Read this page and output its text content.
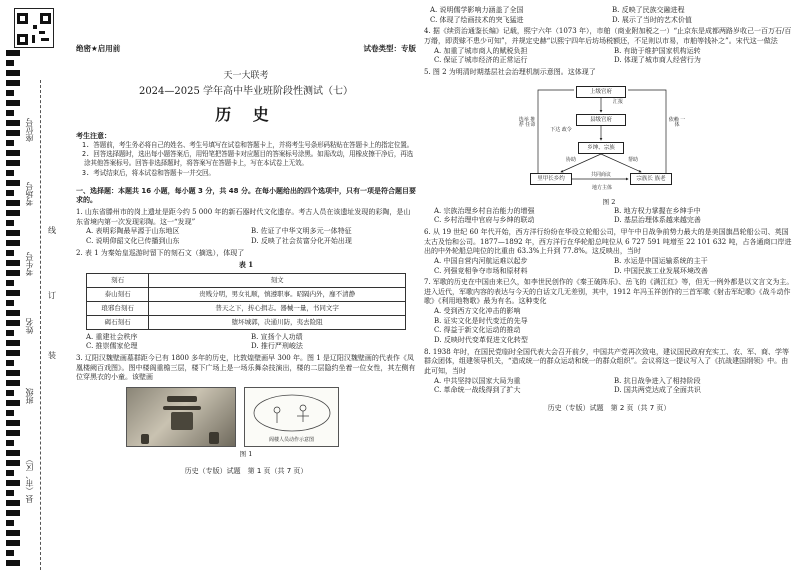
座位号
考场号
考生号
姓名
班级
县（市、区）
线
订
装
绝密★启用前	试卷类型：专版
天一大联考
2024—2025 学年高中毕业班阶段性测试（七）
历 史
考生注意：
1. 答题前，考生务必将自己的姓名、考生号填写在试卷和答题卡上，并将考生号条形码粘贴在答题卡上的指定位置。
2. 回答选择题时，选出每小题答案后，用铅笔把答题卡对应题目的答案标号涂黑。如需改动，用橡皮擦干净后，再选涂其他答案标号。回答非选择题时，将答案写在答题卡上，写在本试卷上无效。
3. 考试结束后，将本试卷和答题卡一并交回。
一、选择题：本题共 16 小题，每小题 3 分，共 48 分。在每小题给出的四个选项中，只有一项是符合题目要求的。
1. 山东省滕州市的岗上遗址是距今约 5 000 年的新石器时代文化遗存。考古人员在该遗址发现的彩陶，是山东省境内第一次发现彩陶。这一“发现”
A. 表明彩陶最早源于山东地区	B. 佐证了中华文明多元一体特征
C. 说明仰韶文化已传播到山东	D. 反映了社会贫富分化开始出现
2. 表 1 为秦始皇巡游时留下的刻石文（摘选），体现了
表 1
刻石	刻文
泰山刻石	贵贱分明，男女礼顺，慎遵职事。昭隔内外，靡不清静
琅邪台刻石	普天之下，抟心揖志。器械一量，书同文字
碣石刻石	堕坏城郭，决通川防，夷去险阻
A. 重建社会秩序	B. 宣扬个人功绩
C. 推崇儒家伦理	D. 推行严刑峻法
3. 辽阳汉魏壁画墓群距今已有 1800 多年的历史，比敦煌壁画早 300 年。图 1 是辽阳汉魏壁画的代表作《凤凰楼阙百戏图》。图中楼阁重檐三层，楼下广场上是一场乐舞杂技演出，楼的二层隐约坐着一位女性，其左侧有位穿黑衣的小童。该壁画
阁楼人员动作示意图
图 1
历史（专版）试题　第 1 页（共 7 页）
A. 说明儒学影响力涵盖了全国	B. 反映了民族交融进程
C. 体现了绘画技术的突飞猛进	D. 展示了当时的艺术价值
4. 据《续资治通鉴长编》记载，熙宁六年（1073 年），市舶（商业附加税之一）“止京东是成都两路岁收己一百万石/百万缗，即责赇不患少可知”，并规定史赫“以熙宁四年后坊场税额还，不足则以市易，市舶等钱补之”。宋代这一做法
A. 加重了城市商人的赋税负担	B. 有助于维护国家机构运转
C. 保证了城市经济的正常运行	D. 体现了城市商人经营行为
5. 图 2 为明清时期基层社会治理机制示意图。这体现了
上级官府
县级官府
乡绅、宗族
里甲长乡约	宗族长 族老
地方主体
共同商议
选举 推荐 任命
依赖 一体
下达 政令
汇报
协助	帮助
图 2
A. 宗族治理乡村自治能力的增强	B. 地方权力掌握在乡绅手中
C. 乡村治理中官府与乡绅的联动	D. 基层治理体系越来越完善
6. 从 19 世纪 60 年代开始，西方洋行纷纷在华设立轮船公司，甲午中日战争前势力最大的是美国旗昌轮船公司、英国太古及怡和公司。1877—1892 年，西方洋行在华轮船总吨位从 6 727 591 吨增至 22 101 632 吨，占各通商口岸进出的中外轮船总吨位的比重由 63.3%上升到 77.8%。这反映出，当时
A. 中国自营内河航运难以起步	B. 水运是中国运输系统的主干
C. 列强竞相争夺市场和原材料	D. 中国民族工业发展环境改善
7. 军歌的历史在中国由来已久，如李世民创作的《秦王破阵乐》、岳飞的《满江红》等，但无一例外都是以文言文为主。进入近代，军歌内容的表达与今天的白话文几无差别，其中，1912 年冯玉祥创作的三首军歌《射击军纪歌》《战斗动作歌》《利用地物歌》最为有名。这种变化
A. 受到西方文化冲击的影响
B. 证实文化是时代变迁的先导
C. 得益于新文化运动的推动
D. 反映时代变革促进文化转型
8. 1938 年时，在国民党临时全国代表大会召开前夕，中国共产党再次致电，建议国民政府充实工、农、军、商、学等群众团体，组建领导机关，“造成统一的群众运动和统一的群众组织”。会议将这一提议写入了《抗战建国纲领》中。由此可知，当时
A. 中共坚持以国家大局为重	B. 抗日战争进入了相持阶段
C. 革命统一战线得到了扩大	D. 国共两党达成了全面共识
历史（专版）试题　第 2 页（共 7 页）
